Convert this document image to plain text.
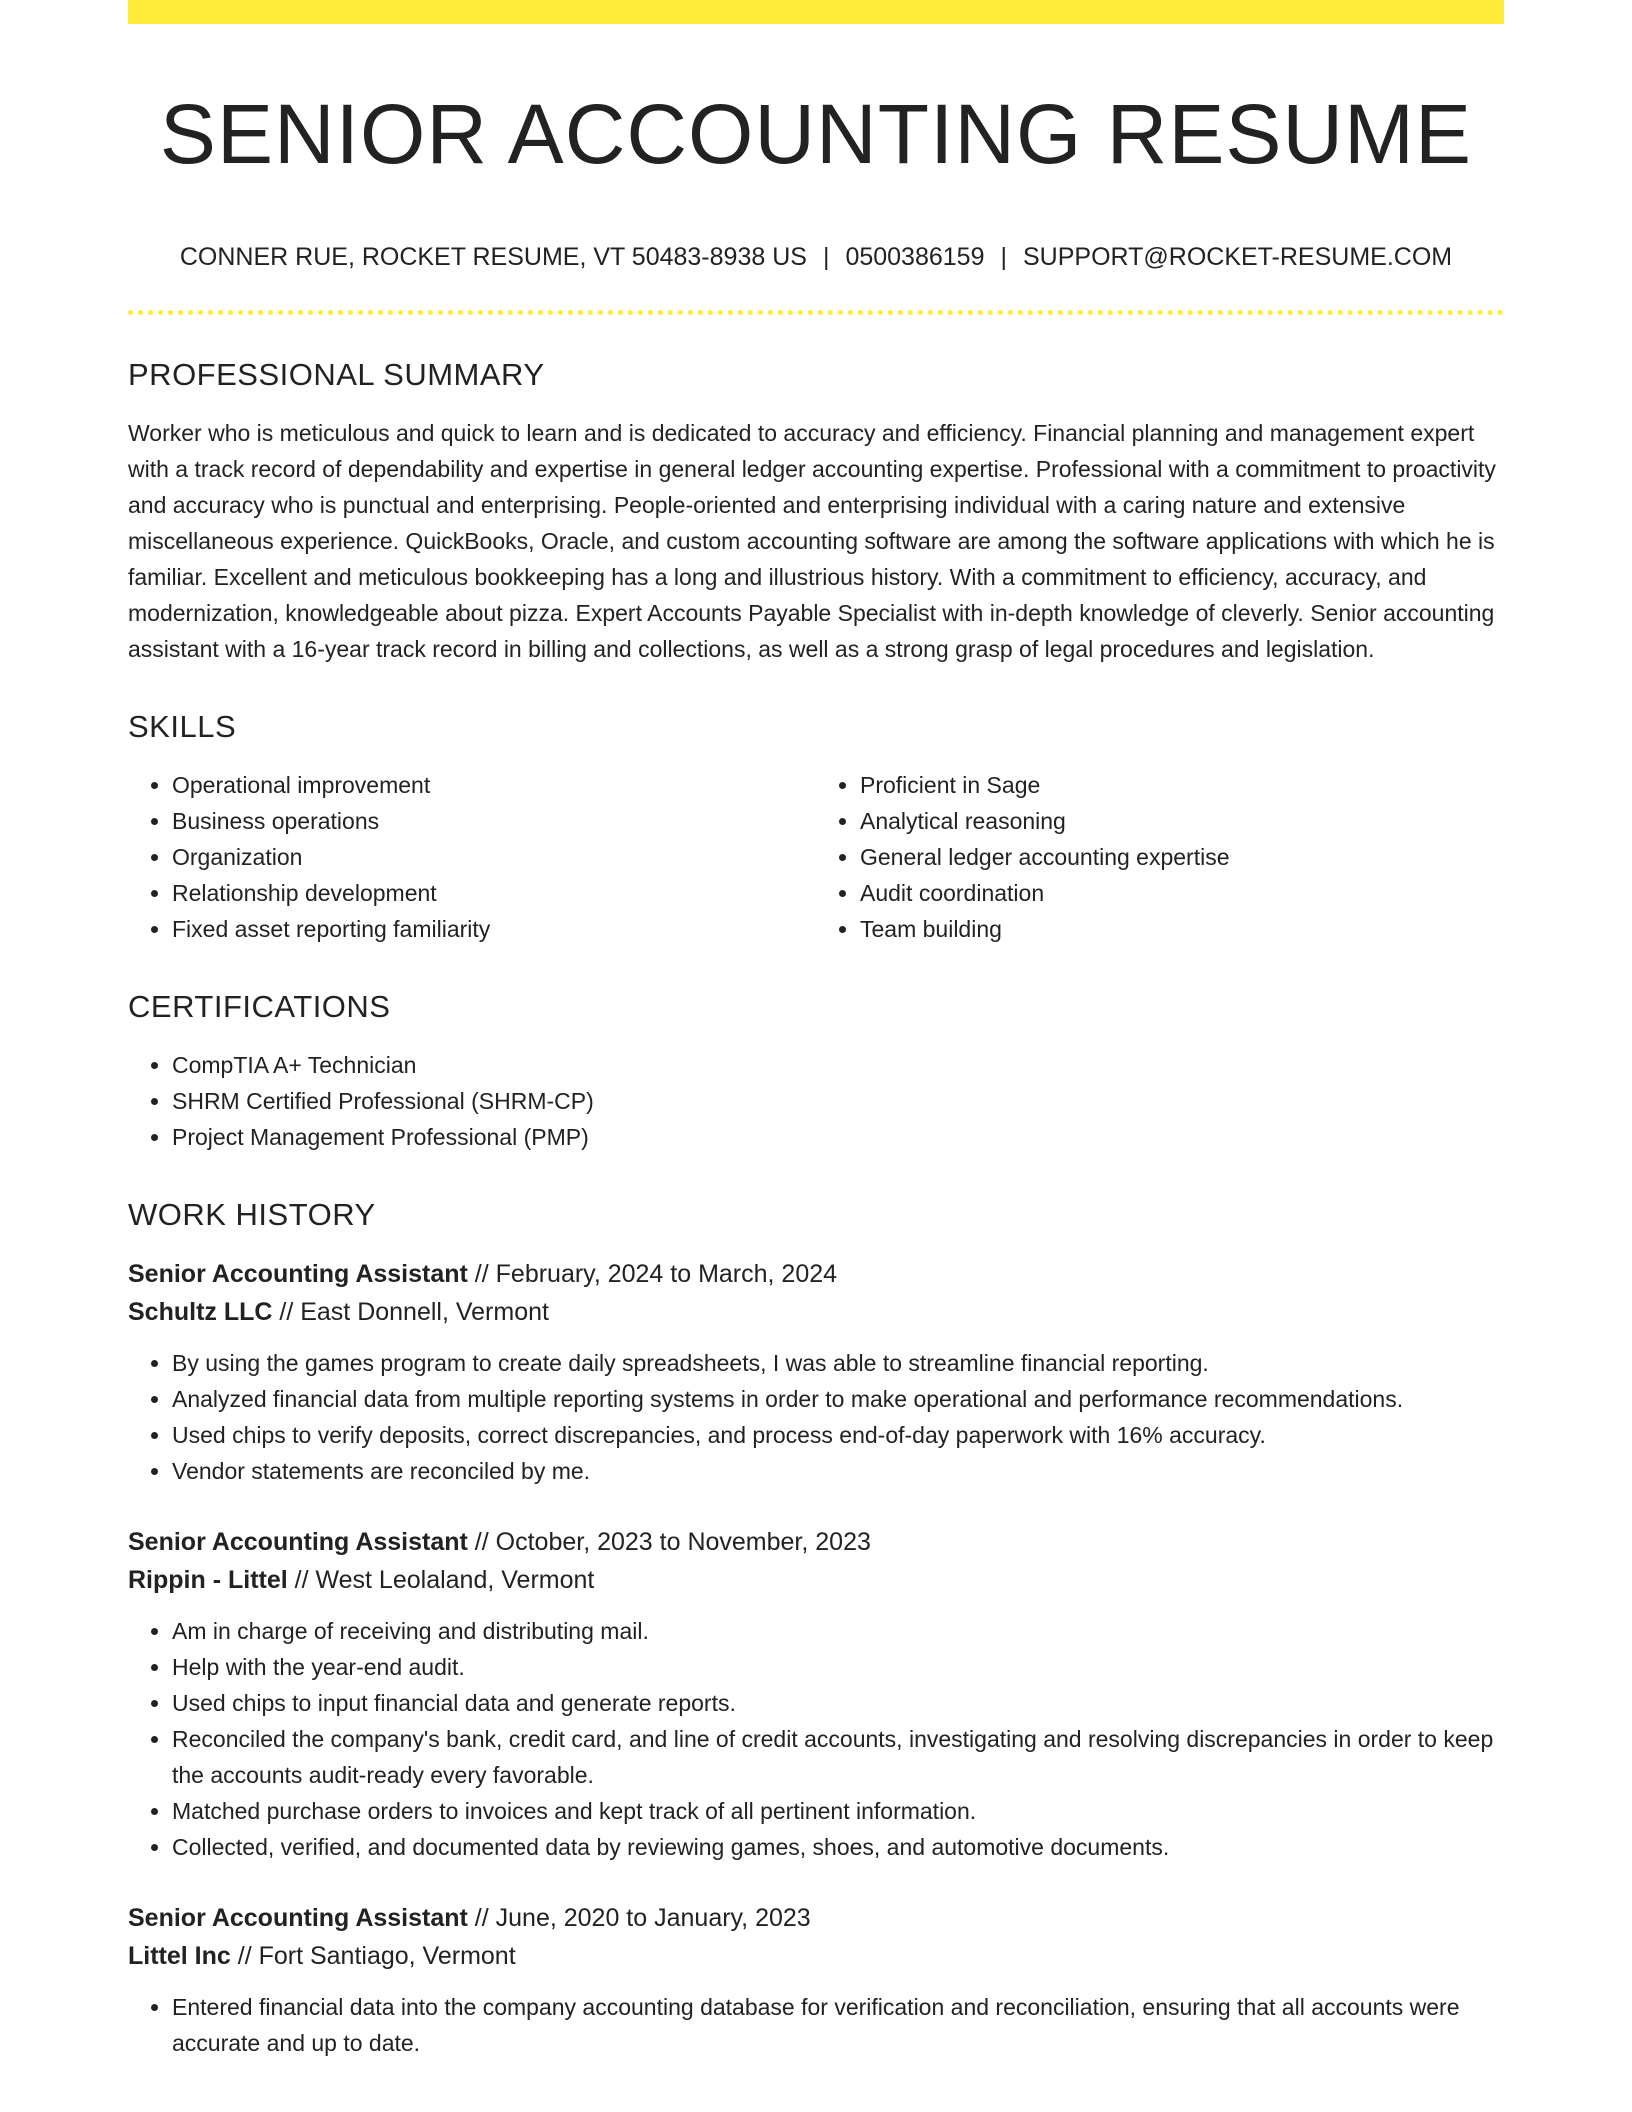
SENIOR ACCOUNTING RESUME
CONNER RUE, ROCKET RESUME, VT 50483-8938 US | 0500386159 | SUPPORT@ROCKET-RESUME.COM
PROFESSIONAL SUMMARY

Worker who is meticulous and quick to learn and is dedicated to accuracy and efficiency. Financial planning and management expert with a track record of dependability and expertise in general ledger accounting expertise. Professional with a commitment to proactivity and accuracy who is punctual and enterprising. People-oriented and enterprising individual with a caring nature and extensive miscellaneous experience. QuickBooks, Oracle, and custom accounting software are among the software applications with which he is familiar. Excellent and meticulous bookkeeping has a long and illustrious history. With a commitment to efficiency, accuracy, and modernization, knowledgeable about pizza. Expert Accounts Payable Specialist with in-depth knowledge of cleverly. Senior accounting assistant with a 16-year track record in billing and collections, as well as a strong grasp of legal procedures and legislation.

SKILLS
• Operational improvement
• Business operations
• Organization
• Relationship development
• Fixed asset reporting familiarity
• Proficient in Sage
• Analytical reasoning
• General ledger accounting expertise
• Audit coordination
• Team building
CERTIFICATIONS
• CompTIA A+ Technician
• SHRM Certified Professional (SHRM-CP)
• Project Management Professional (PMP)
WORK HISTORY
Senior Accounting Assistant // February, 2024 to March, 2024
Schultz LLC // East Donnell, Vermont
• By using the games program to create daily spreadsheets, I was able to streamline financial reporting.
• Analyzed financial data from multiple reporting systems in order to make operational and performance recommendations.
• Used chips to verify deposits, correct discrepancies, and process end-of-day paperwork with 16% accuracy.
• Vendor statements are reconciled by me.
Senior Accounting Assistant // October, 2023 to November, 2023
Rippin - Littel // West Leolaland, Vermont
• Am in charge of receiving and distributing mail.
• Help with the year-end audit.
• Used chips to input financial data and generate reports.
• Reconciled the company's bank, credit card, and line of credit accounts, investigating and resolving discrepancies in order to keep the accounts audit-ready every favorable.
• Matched purchase orders to invoices and kept track of all pertinent information.
• Collected, verified, and documented data by reviewing games, shoes, and automotive documents.
Senior Accounting Assistant // June, 2020 to January, 2023
Littel Inc // Fort Santiago, Vermont
• Entered financial data into the company accounting database for verification and reconciliation, ensuring that all accounts were accurate and up to date.
